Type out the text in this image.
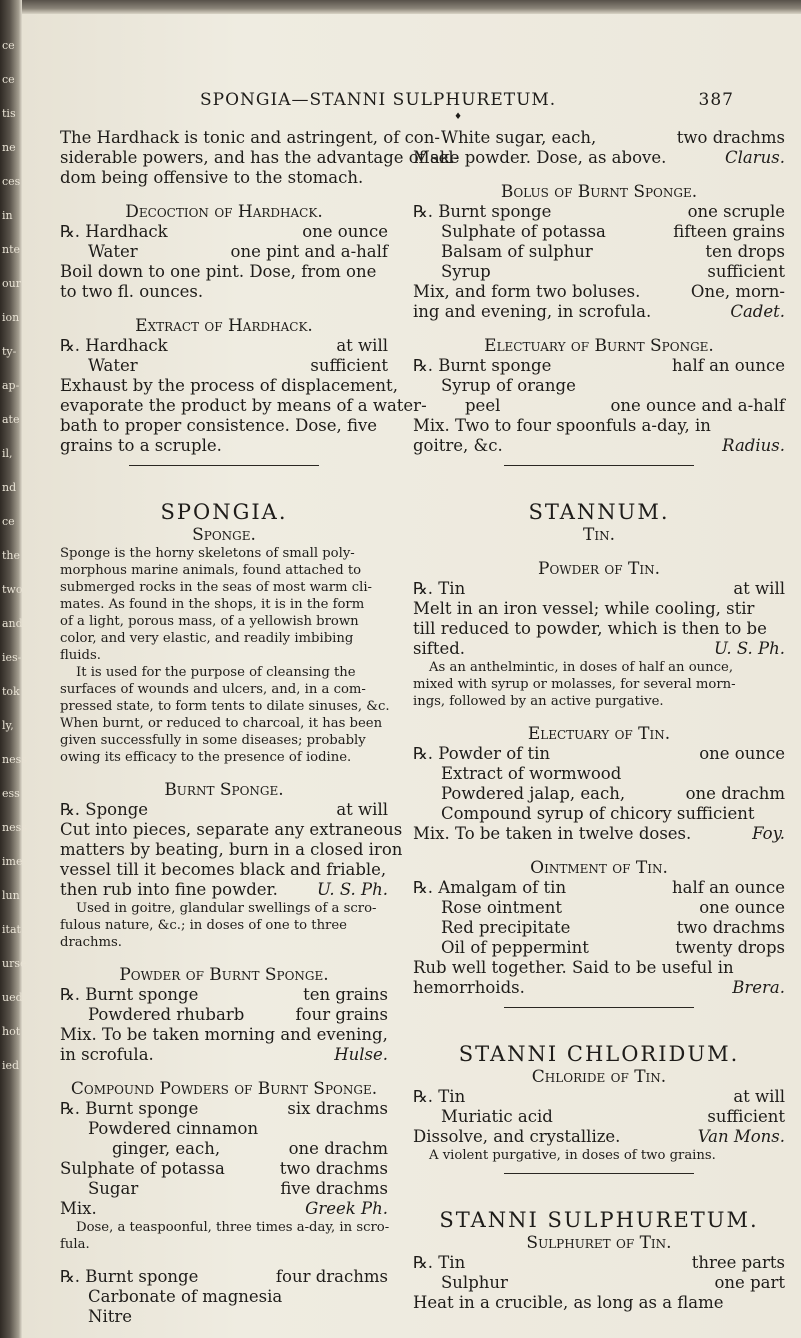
ce
ce
tis
ne
ces
in
nte
our
ion
ty-
ap-
ate
il,
nd
ce
the
two
and
ies-
tok
ly,
ness
ess
ness
ime
lun
itat
urse
ued
hot
ied
SPONGIA—STANNI SULPHURETUM.	387
♦
The Hardhack is tonic and astringent, of con-
siderable powers, and has the advantage of sel-
dom being offensive to the stomach.
Decoction of Hardhack.
one ounce
℞. Hardhack
one pint and a-half
Water
Boil down to one pint. Dose, from one
to two fl. ounces.
Extract of Hardhack.
at will
℞. Hardhack
sufficient
Water
Exhaust by the process of displacement,
evaporate the product by means of a water-
bath to proper consistence. Dose, five
grains to a scruple.
SPONGIA.
Sponge.
Sponge is the horny skeletons of small poly-
morphous marine animals, found attached to
submerged rocks in the seas of most warm cli-
mates. As found in the shops, it is in the form
of a light, porous mass, of a yellowish brown
color, and very elastic, and readily imbibing
fluids.
It is used for the purpose of cleansing the
surfaces of wounds and ulcers, and, in a com-
pressed state, to form tents to dilate sinuses, &c.
When burnt, or reduced to charcoal, it has been
given successfully in some diseases; probably
owing its efficacy to the presence of iodine.
Burnt Sponge.
at will
℞. Sponge
Cut into pieces, separate any extraneous
matters by beating, burn in a closed iron
vessel till it becomes black and friable,
U. S. Ph.
then rub into fine powder.
Used in goitre, glandular swellings of a scro-
fulous nature, &c.; in doses of one to three
drachms.
Powder of Burnt Sponge.
ten grains
℞. Burnt sponge
four grains
Powdered rhubarb
Mix. To be taken morning and evening,
Hulse.
in scrofula.
Compound Powders of Burnt Sponge.
six drachms
℞. Burnt sponge
Powdered cinnamon
one drachm
ginger, each,
two drachms
Sulphate of potassa
five drachms
Sugar
Greek Ph.
Mix.
Dose, a teaspoonful, three times a-day, in scro-
fula.
four drachms
℞. Burnt sponge
Carbonate of magnesia
Nitre
two drachms
White sugar, each,
Clarus.
Make powder. Dose, as above.
Bolus of Burnt Sponge.
one scruple
℞. Burnt sponge
fifteen grains
Sulphate of potassa
ten drops
Balsam of sulphur
sufficient
Syrup
One, morn-
Mix, and form two boluses.
Cadet.
ing and evening, in scrofula.
Electuary of Burnt Sponge.
half an ounce
℞. Burnt sponge
Syrup of orange
one ounce and a-half
peel
Mix. Two to four spoonfuls a-day, in
Radius.
goitre, &c.
STANNUM.
Tin.
Powder of Tin.
at will
℞. Tin
Melt in an iron vessel; while cooling, stir
till reduced to powder, which is then to be
U. S. Ph.
sifted.
As an anthelmintic, in doses of half an ounce,
mixed with syrup or molasses, for several morn-
ings, followed by an active purgative.
Electuary of Tin.
one ounce
℞. Powder of tin
Extract of wormwood
one drachm
Powdered jalap, each,
Compound syrup of chicory sufficient
Foy.
Mix. To be taken in twelve doses.
Ointment of Tin.
half an ounce
℞. Amalgam of tin
one ounce
Rose ointment
two drachms
Red precipitate
twenty drops
Oil of peppermint
Rub well together. Said to be useful in
Brera.
hemorrhoids.
STANNI CHLORIDUM.
Chloride of Tin.
at will
℞. Tin
sufficient
Muriatic acid
Van Mons.
Dissolve, and crystallize.
A violent purgative, in doses of two grains.
STANNI SULPHURETUM.
Sulphuret of Tin.
three parts
℞. Tin
one part
Sulphur
Heat in a crucible, as long as a flame
